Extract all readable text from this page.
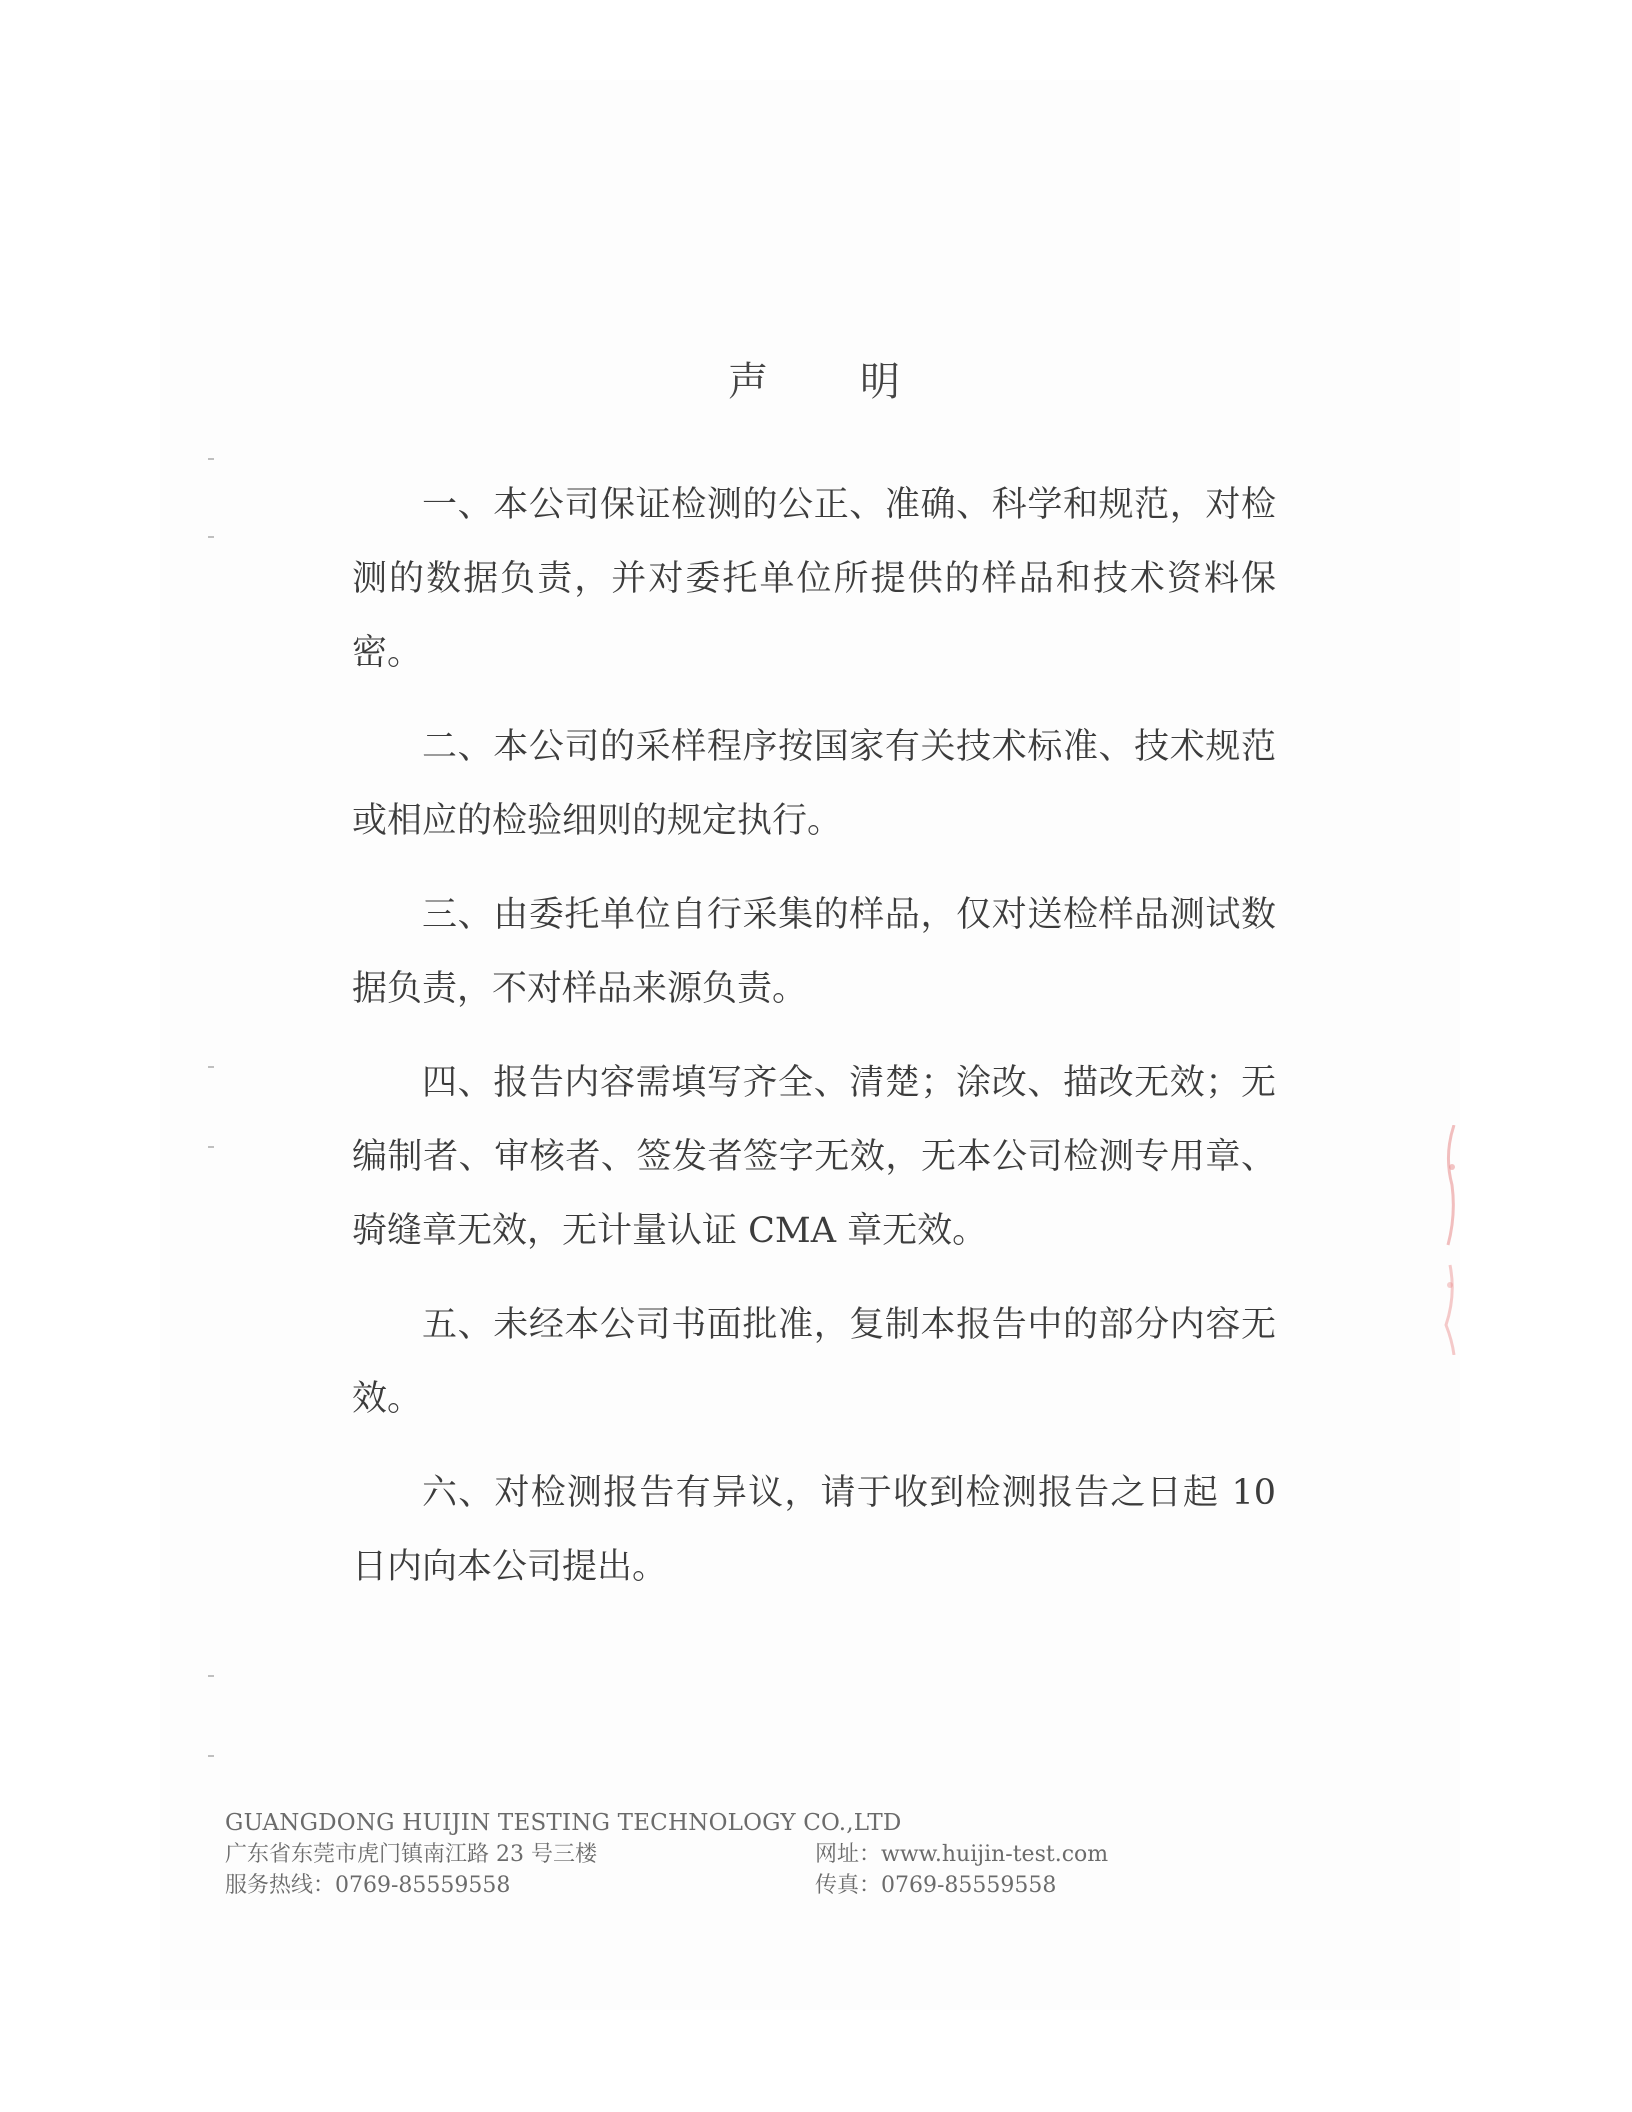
声 明

一、本公司保证检测的公正、准确、科学和规范，对检测的数据负责，并对委托单位所提供的样品和技术资料保密。

二、本公司的采样程序按国家有关技术标准、技术规范或相应的检验细则的规定执行。

三、由委托单位自行采集的样品，仅对送检样品测试数据负责，不对样品来源负责。

四、报告内容需填写齐全、清楚；涂改、描改无效；无编制者、审核者、签发者签字无效，无本公司检测专用章、骑缝章无效，无计量认证 CMA 章无效。

五、未经本公司书面批准，复制本报告中的部分内容无效。

六、对检测报告有异议，请于收到检测报告之日起 10 日内向本公司提出。

GUANGDONG HUIJIN TESTING TECHNOLOGY CO.,LTD
广东省东莞市虎门镇南江路 23 号三楼	网址：www.huijin-test.com
服务热线：0769-85559558	传真：0769-85559558
